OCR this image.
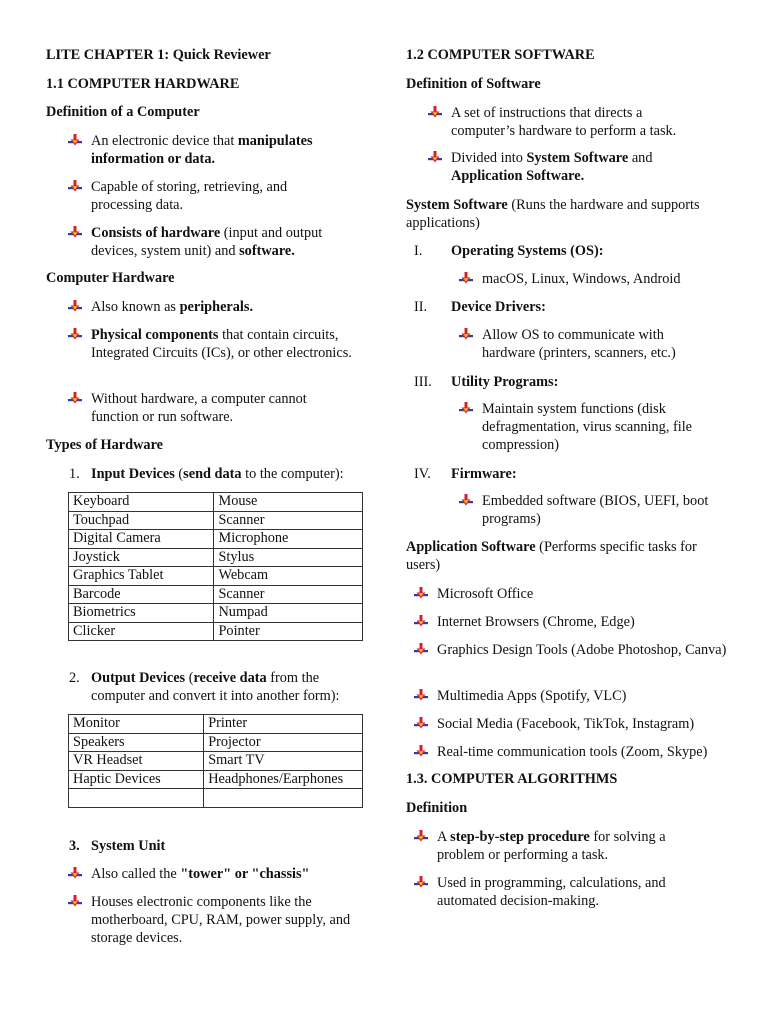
LITE CHAPTER 1: Quick Reviewer
1.1 COMPUTER HARDWARE
Definition of a Computer
An electronic device that manipulates information or data.
Capable of storing, retrieving, and processing data.
Consists of hardware (input and output devices, system unit) and software.
Computer Hardware
Also known as peripherals.
Physical components that contain circuits, Integrated Circuits (ICs), or other electronics.
Without hardware, a computer cannot function or run software.
Types of Hardware
1. Input Devices (send data to the computer):
Keyboard	Mouse
Touchpad	Scanner
Digital Camera	Microphone
Joystick	Stylus
Graphics Tablet	Webcam
Barcode	Scanner
Biometrics	Numpad
Clicker	Pointer
2. Output Devices (receive data from the computer and convert it into another form):
Monitor	Printer
Speakers	Projector
VR Headset	Smart TV
Haptic Devices	Headphones/Earphones

3. System Unit
Also called the "tower" or "chassis"
Houses electronic components like the motherboard, CPU, RAM, power supply, and storage devices.
1.2 COMPUTER SOFTWARE
Definition of Software
A set of instructions that directs a computer’s hardware to perform a task.
Divided into System Software and Application Software.
System Software (Runs the hardware and supports applications)
I. Operating Systems (OS):
macOS, Linux, Windows, Android
II. Device Drivers:
Allow OS to communicate with hardware (printers, scanners, etc.)
III. Utility Programs:
Maintain system functions (disk defragmentation, virus scanning, file compression)
IV. Firmware:
Embedded software (BIOS, UEFI, boot programs)
Application Software (Performs specific tasks for users)
Microsoft Office
Internet Browsers (Chrome, Edge)
Graphics Design Tools (Adobe Photoshop, Canva)
Multimedia Apps (Spotify, VLC)
Social Media (Facebook, TikTok, Instagram)
Real-time communication tools (Zoom, Skype)
1.3. COMPUTER ALGORITHMS
Definition
A step-by-step procedure for solving a problem or performing a task.
Used in programming, calculations, and automated decision-making.
